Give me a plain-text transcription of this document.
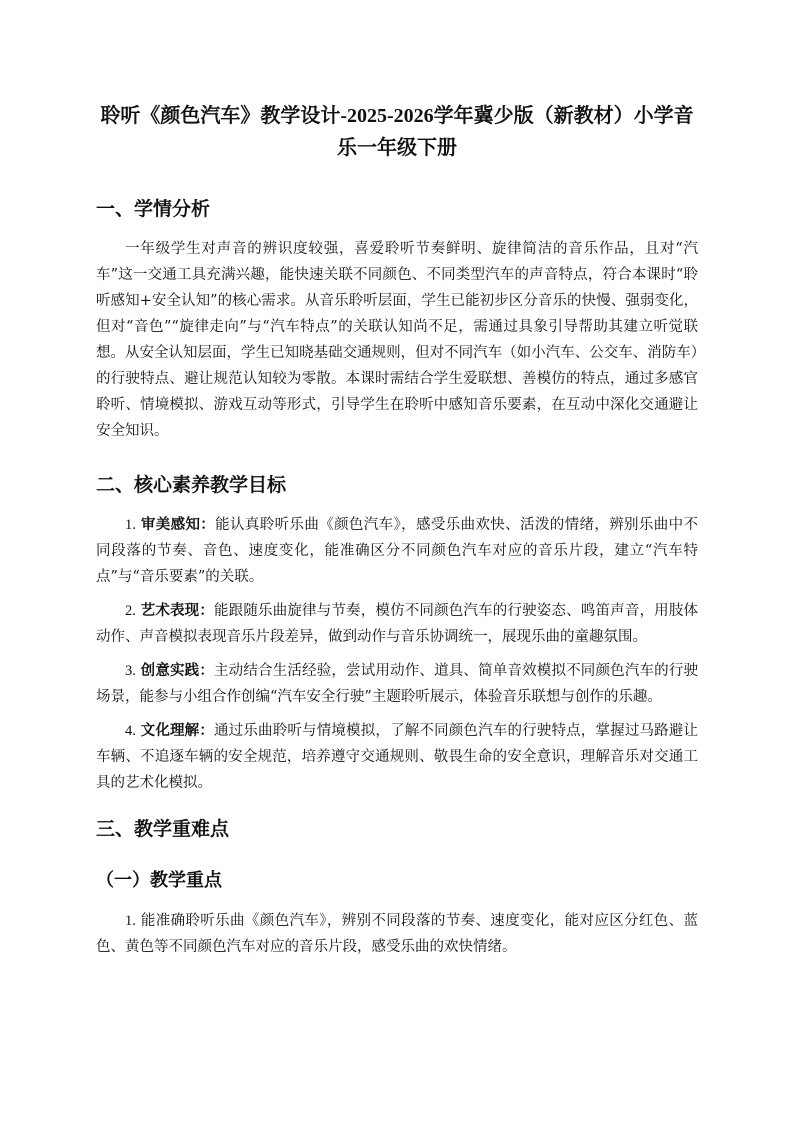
聆听《颜色汽车》教学设计-2025-2026学年冀少版（新教材）小学音乐一年级下册
一、学情分析

一年级学生对声音的辨识度较强，喜爱聆听节奏鲜明、旋律简洁的音乐作品，且对“汽车”这一交通工具充满兴趣，能快速关联不同颜色、不同类型汽车的声音特点，符合本课时“聆听感知+安全认知”的核心需求。从音乐聆听层面，学生已能初步区分音乐的快慢、强弱变化，但对“音色”“旋律走向”与“汽车特点”的关联认知尚不足，需通过具象引导帮助其建立听觉联想。从安全认知层面，学生已知晓基础交通规则，但对不同汽车（如小汽车、公交车、消防车）的行驶特点、避让规范认知较为零散。本课时需结合学生爱联想、善模仿的特点，通过多感官聆听、情境模拟、游戏互动等形式，引导学生在聆听中感知音乐要素，在互动中深化交通避让安全知识。

二、核心素养教学目标

1. 审美感知：能认真聆听乐曲《颜色汽车》，感受乐曲欢快、活泼的情绪，辨别乐曲中不同段落的节奏、音色、速度变化，能准确区分不同颜色汽车对应的音乐片段，建立“汽车特点”与“音乐要素”的关联。

2. 艺术表现：能跟随乐曲旋律与节奏，模仿不同颜色汽车的行驶姿态、鸣笛声音，用肢体动作、声音模拟表现音乐片段差异，做到动作与音乐协调统一，展现乐曲的童趣氛围。

3. 创意实践：主动结合生活经验，尝试用动作、道具、简单音效模拟不同颜色汽车的行驶场景，能参与小组合作创编“汽车安全行驶”主题聆听展示，体验音乐联想与创作的乐趣。

4. 文化理解：通过乐曲聆听与情境模拟，了解不同颜色汽车的行驶特点，掌握过马路避让车辆、不追逐车辆的安全规范，培养遵守交通规则、敬畏生命的安全意识，理解音乐对交通工具的艺术化模拟。

三、教学重难点
（一）教学重点

1. 能准确聆听乐曲《颜色汽车》，辨别不同段落的节奏、速度变化，能对应区分红色、蓝色、黄色等不同颜色汽车对应的音乐片段，感受乐曲的欢快情绪。
